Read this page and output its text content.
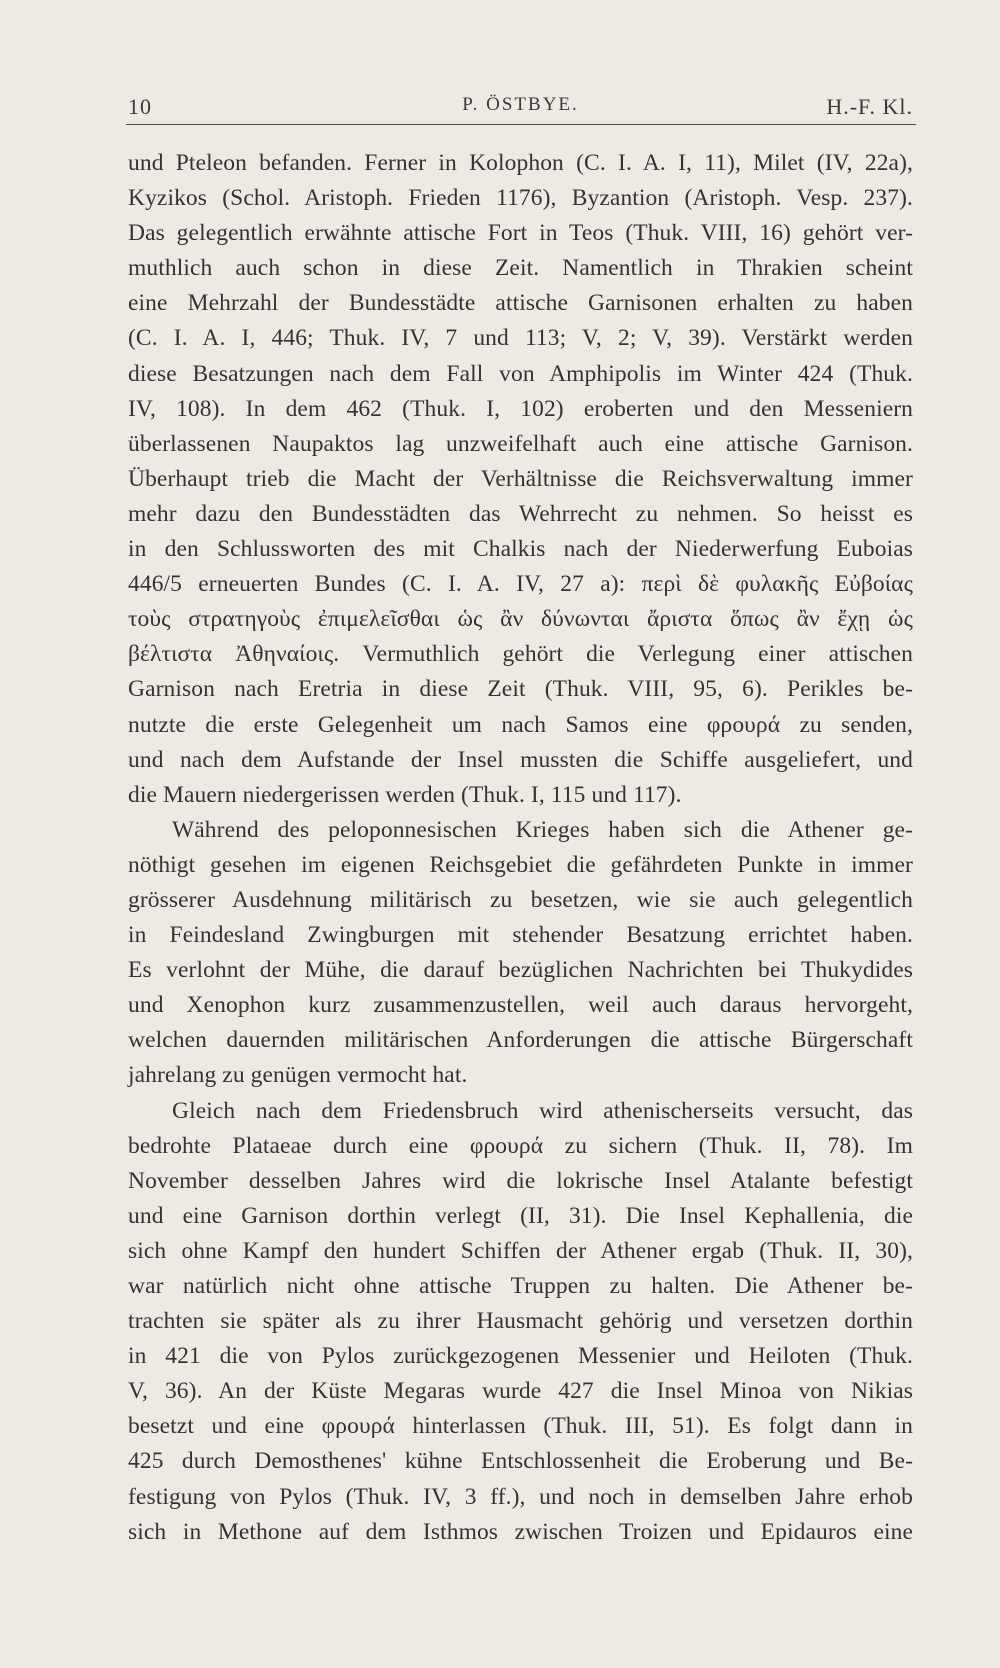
10	P. ÖSTBYE.	H.-F. Kl.
und Pteleon befanden. Ferner in Kolophon (C. I. A. I, 11), Milet (IV, 22a),
Kyzikos (Schol. Aristoph. Frieden 1176), Byzantion (Aristoph. Vesp. 237).
Das gelegentlich erwähnte attische Fort in Teos (Thuk. VIII, 16) gehört ver-
muthlich auch schon in diese Zeit. Namentlich in Thrakien scheint
eine Mehrzahl der Bundesstädte attische Garnisonen erhalten zu haben
(C. I. A. I, 446; Thuk. IV, 7 und 113; V, 2; V, 39). Verstärkt werden
diese Besatzungen nach dem Fall von Amphipolis im Winter 424 (Thuk.
IV, 108). In dem 462 (Thuk. I, 102) eroberten und den Messeniern
überlassenen Naupaktos lag unzweifelhaft auch eine attische Garnison.
Überhaupt trieb die Macht der Verhältnisse die Reichsverwaltung immer
mehr dazu den Bundesstädten das Wehrrecht zu nehmen. So heisst es
in den Schlussworten des mit Chalkis nach der Niederwerfung Euboias
446/5 erneuerten Bundes (C. I. A. IV, 27 a): περὶ δὲ φυλακῆς Εὐβοίας
τοὺς στρατηγοὺς ἐπιμελεῖσθαι ὡς ἂν δύνωνται ἄριστα ὅπως ἂν ἔχῃ ὡς
βέλτιστα Ἀθηναίοις. Vermuthlich gehört die Verlegung einer attischen
Garnison nach Eretria in diese Zeit (Thuk. VIII, 95, 6). Perikles be-
nutzte die erste Gelegenheit um nach Samos eine φρουρά zu senden,
und nach dem Aufstande der Insel mussten die Schiffe ausgeliefert, und
die Mauern niedergerissen werden (Thuk. I, 115 und 117).
Während des peloponnesischen Krieges haben sich die Athener ge-
nöthigt gesehen im eigenen Reichsgebiet die gefährdeten Punkte in immer
grösserer Ausdehnung militärisch zu besetzen, wie sie auch gelegentlich
in Feindesland Zwingburgen mit stehender Besatzung errichtet haben.
Es verlohnt der Mühe, die darauf bezüglichen Nachrichten bei Thukydides
und Xenophon kurz zusammenzustellen, weil auch daraus hervorgeht,
welchen dauernden militärischen Anforderungen die attische Bürgerschaft
jahrelang zu genügen vermocht hat.
Gleich nach dem Friedensbruch wird athenischerseits versucht, das
bedrohte Plataeae durch eine φρουρά zu sichern (Thuk. II, 78). Im
November desselben Jahres wird die lokrische Insel Atalante befestigt
und eine Garnison dorthin verlegt (II, 31). Die Insel Kephallenia, die
sich ohne Kampf den hundert Schiffen der Athener ergab (Thuk. II, 30),
war natürlich nicht ohne attische Truppen zu halten. Die Athener be-
trachten sie später als zu ihrer Hausmacht gehörig und versetzen dorthin
in 421 die von Pylos zurückgezogenen Messenier und Heiloten (Thuk.
V, 36). An der Küste Megaras wurde 427 die Insel Minoa von Nikias
besetzt und eine φρουρά hinterlassen (Thuk. III, 51). Es folgt dann in
425 durch Demosthenes' kühne Entschlossenheit die Eroberung und Be-
festigung von Pylos (Thuk. IV, 3 ff.), und noch in demselben Jahre erhob
sich in Methone auf dem Isthmos zwischen Troizen und Epidauros eine
